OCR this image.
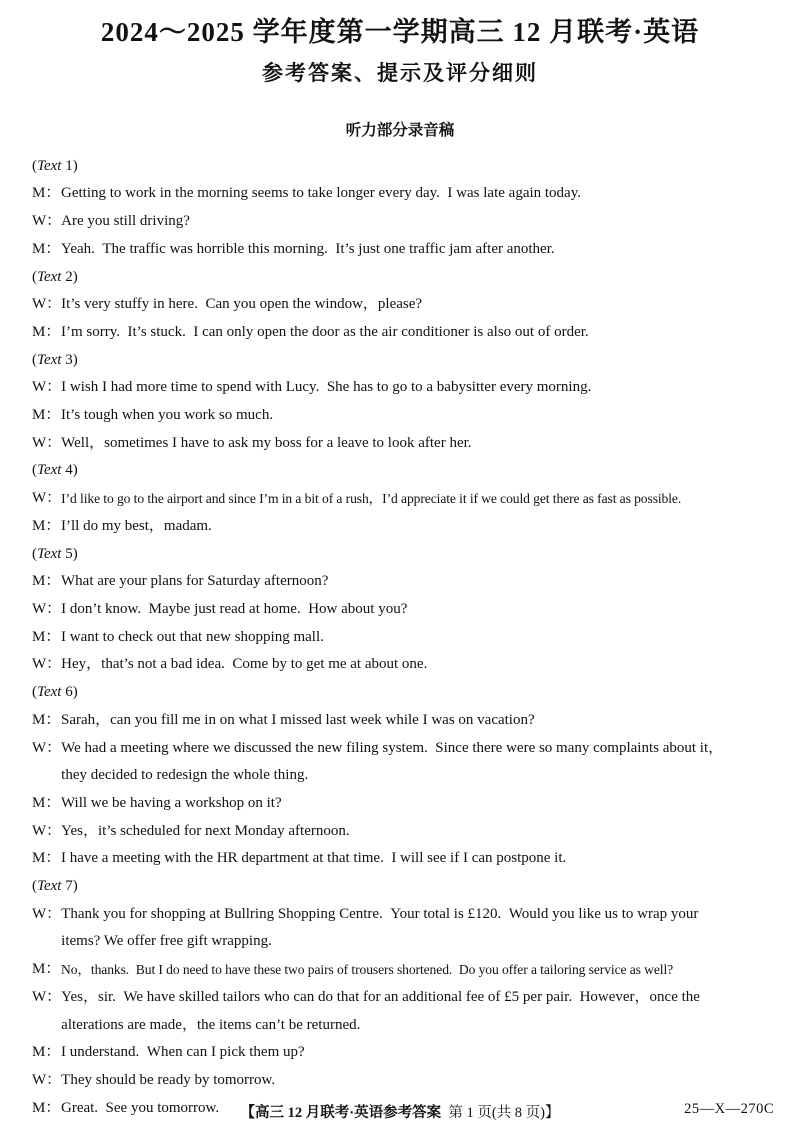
2024～2025 学年度第一学期高三 12 月联考·英语
参考答案、提示及评分细则
听力部分录音稿
(Text 1)
M： Getting to work in the morning seems to take longer every day. I was late again today.
W： Are you still driving?
M： Yeah. The traffic was horrible this morning. It’s just one traffic jam after another.
(Text 2)
W： It’s very stuffy in here. Can you open the window，please?
M： I’m sorry. It’s stuck. I can only open the door as the air conditioner is also out of order.
(Text 3)
W： I wish I had more time to spend with Lucy. She has to go to a babysitter every morning.
M： It’s tough when you work so much.
W： Well，sometimes I have to ask my boss for a leave to look after her.
(Text 4)
W： I’d like to go to the airport and since I’m in a bit of a rush，I’d appreciate it if we could get there as fast as possible.
M： I’ll do my best，madam.
(Text 5)
M： What are your plans for Saturday afternoon?
W： I don’t know. Maybe just read at home. How about you?
M： I want to check out that new shopping mall.
W： Hey，that’s not a bad idea. Come by to get me at about one.
(Text 6)
M： Sarah，can you fill me in on what I missed last week while I was on vacation?
W： We had a meeting where we discussed the new filing system. Since there were so many complaints about it，
they decided to redesign the whole thing.
M： Will we be having a workshop on it?
W： Yes，it’s scheduled for next Monday afternoon.
M： I have a meeting with the HR department at that time. I will see if I can postpone it.
(Text 7)
W： Thank you for shopping at Bullring Shopping Centre. Your total is £120. Would you like us to wrap your
items? We offer free gift wrapping.
M： No，thanks. But I do need to have these two pairs of trousers shortened. Do you offer a tailoring service as well?
W： Yes，sir. We have skilled tailors who can do that for an additional fee of £5 per pair. However，once the
alterations are made，the items can’t be returned.
M： I understand. When can I pick them up?
W： They should be ready by tomorrow.
M： Great. See you tomorrow.	【高三 12 月联考·英语参考答案 第 1 页(共 8 页)】	25—X—270C
